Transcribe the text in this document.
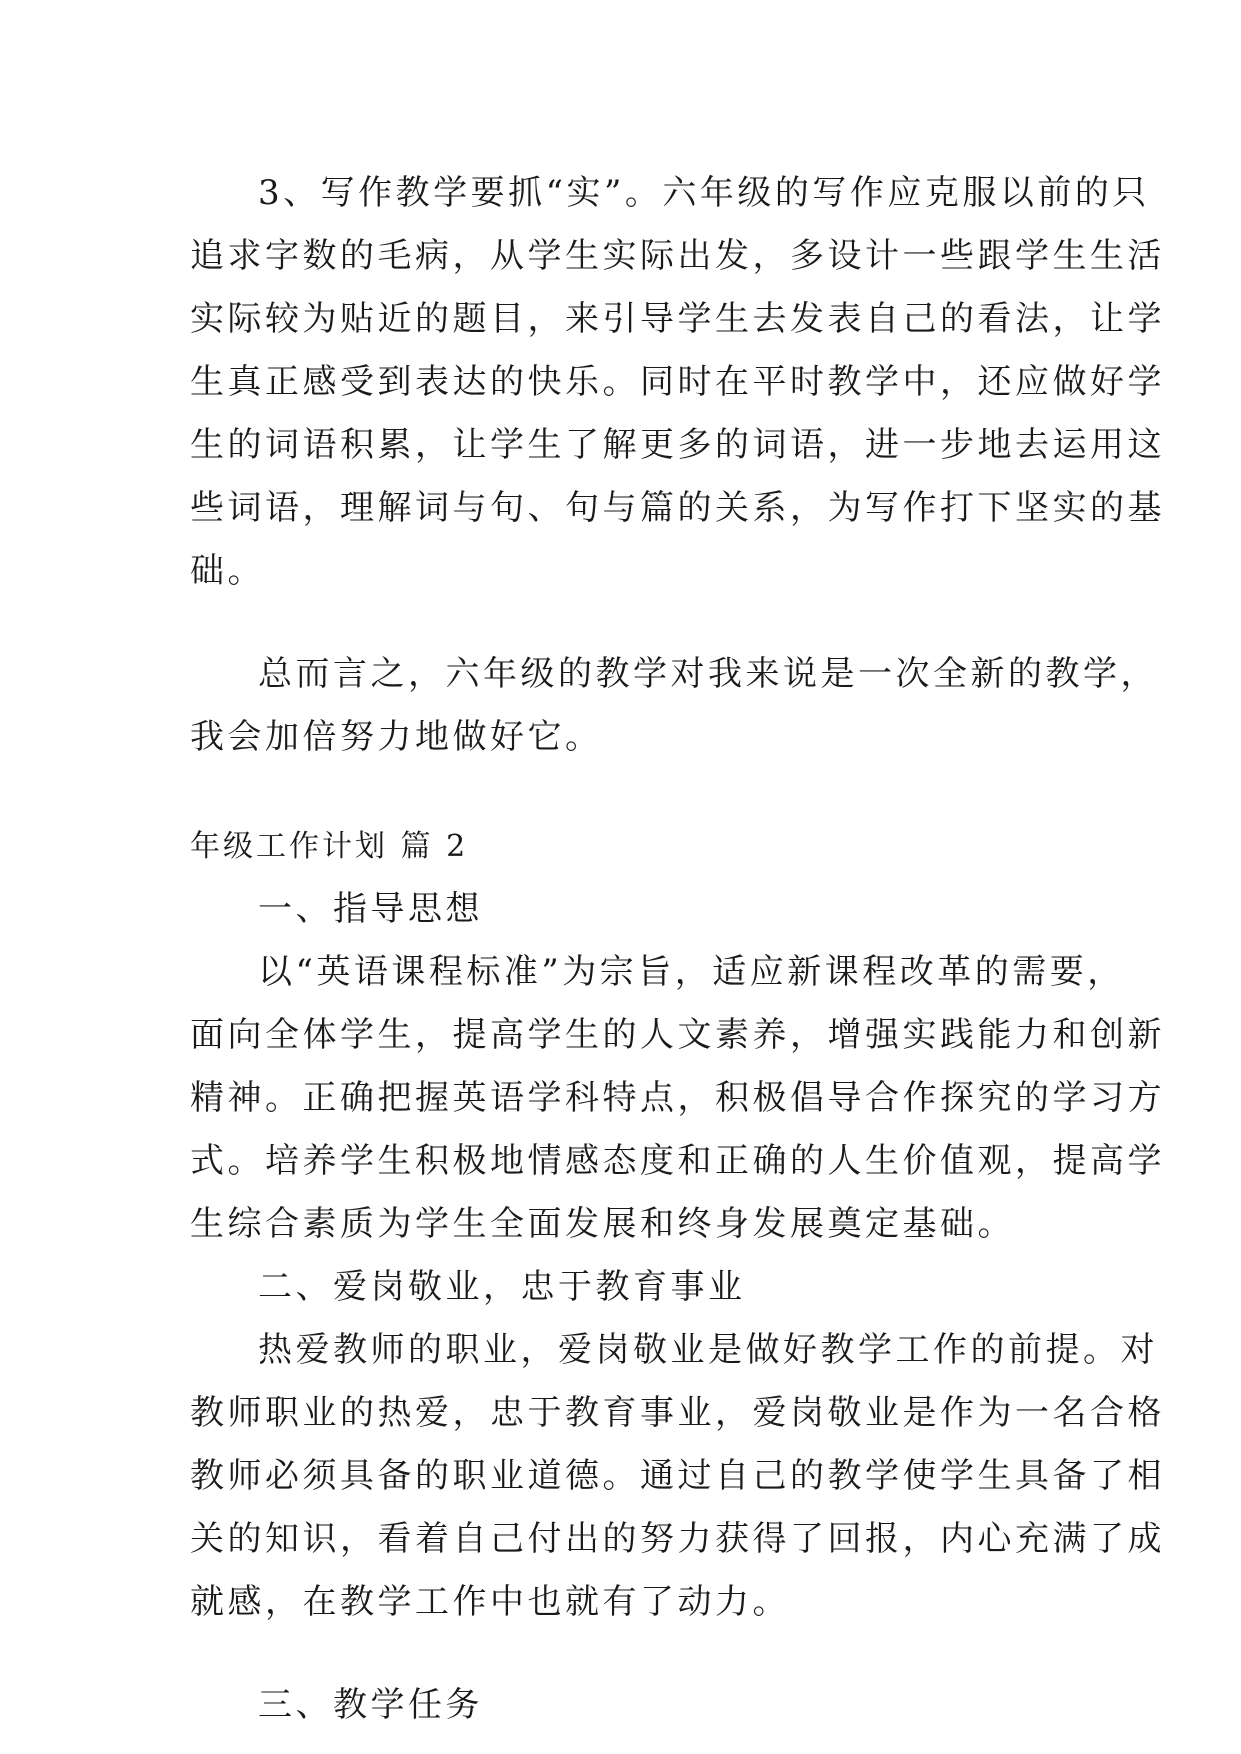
3、写作教学要抓“实”。六年级的写作应克服以前的只
追求字数的毛病，从学生实际出发，多设计一些跟学生生活
实际较为贴近的题目，来引导学生去发表自己的看法，让学
生真正感受到表达的快乐。同时在平时教学中，还应做好学
生的词语积累，让学生了解更多的词语，进一步地去运用这
些词语，理解词与句、句与篇的关系，为写作打下坚实的基
础。
总而言之，六年级的教学对我来说是一次全新的教学，
我会加倍努力地做好它。
年级工作计划 篇 2
一、指导思想
以“英语课程标准”为宗旨，适应新课程改革的需要，
面向全体学生，提高学生的人文素养，增强实践能力和创新
精神。正确把握英语学科特点，积极倡导合作探究的学习方
式。培养学生积极地情感态度和正确的人生价值观，提高学
生综合素质为学生全面发展和终身发展奠定基础。
二、爱岗敬业，忠于教育事业
热爱教师的职业，爱岗敬业是做好教学工作的前提。对
教师职业的热爱，忠于教育事业，爱岗敬业是作为一名合格
教师必须具备的职业道德。通过自己的教学使学生具备了相
关的知识，看着自己付出的努力获得了回报，内心充满了成
就感，在教学工作中也就有了动力。
三、教学任务
